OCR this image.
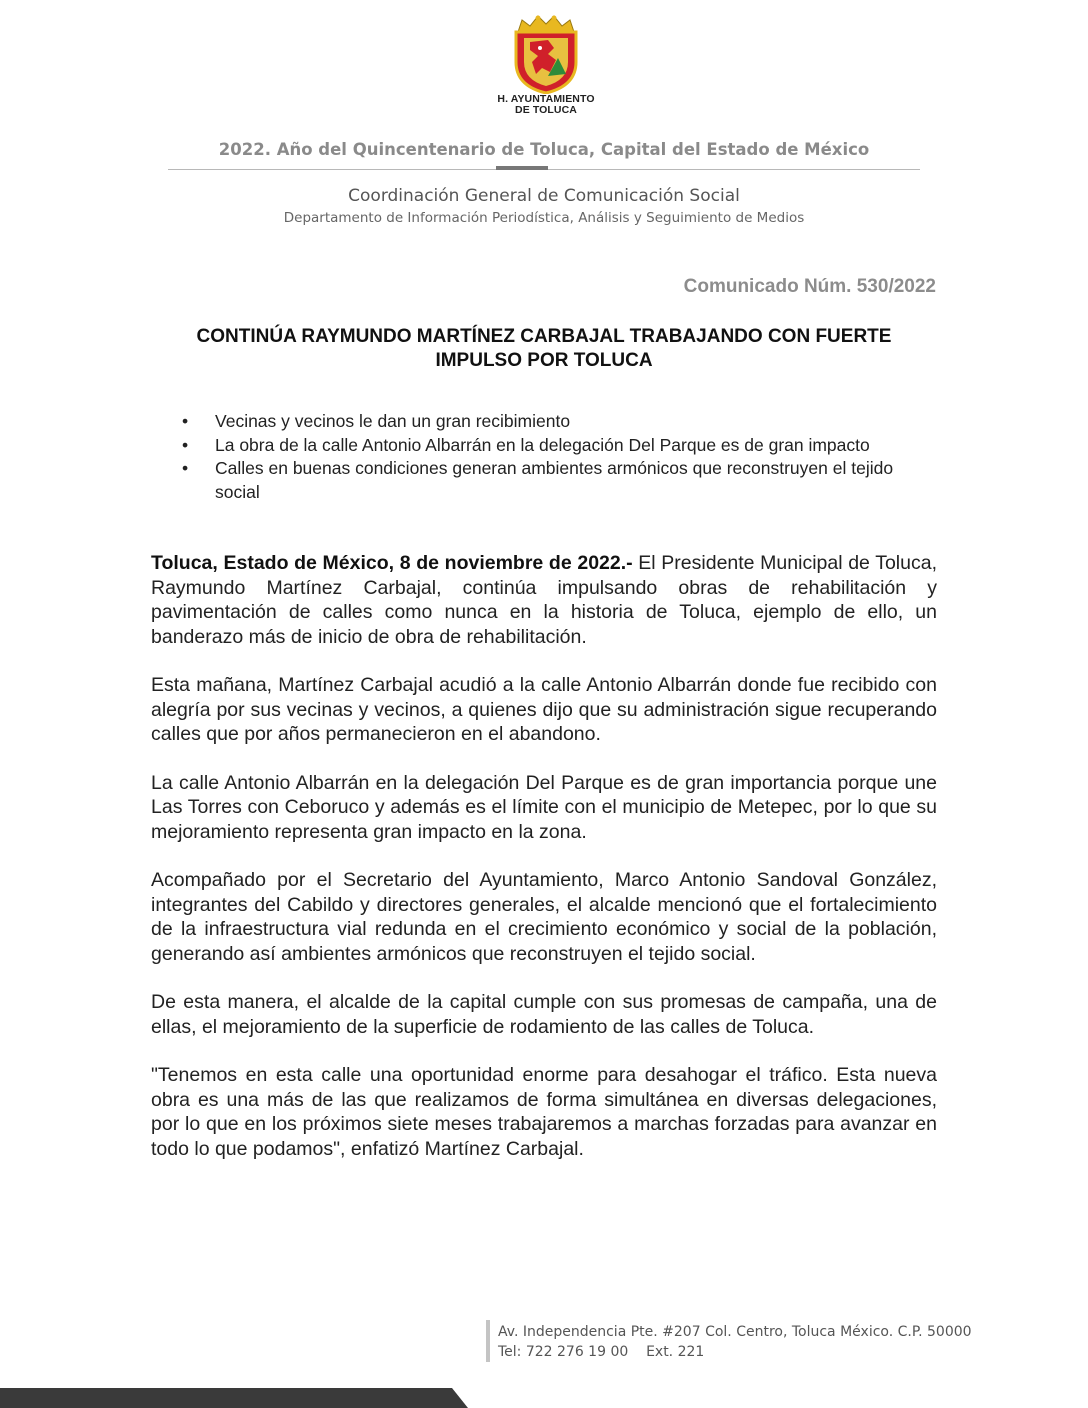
H. AYUNTAMIENTO
DE TOLUCA
2022. Año del Quincentenario de Toluca, Capital del Estado de México
Coordinación General de Comunicación Social
Departamento de Información Periodística, Análisis y Seguimiento de Medios
Comunicado Núm. 530/2022
CONTINÚA RAYMUNDO MARTÍNEZ CARBAJAL TRABAJANDO CON FUERTE
IMPULSO POR TOLUCA
• Vecinas y vecinos le dan un gran recibimiento
• La obra de la calle Antonio Albarrán en la delegación Del Parque es de gran impacto
• Calles en buenas condiciones generan ambientes armónicos que reconstruyen el tejido social

Toluca, Estado de México, 8 de noviembre de 2022.- El Presidente Municipal de Toluca, Raymundo Martínez Carbajal, continúa impulsando obras de rehabilitación y pavimentación de calles como nunca en la historia de Toluca, ejemplo de ello, un banderazo más de inicio de obra de rehabilitación.

Esta mañana, Martínez Carbajal acudió a la calle Antonio Albarrán donde fue recibido con alegría por sus vecinas y vecinos, a quienes dijo que su administración sigue recuperando calles que por años permanecieron en el abandono.

La calle Antonio Albarrán en la delegación Del Parque es de gran importancia porque une Las Torres con Ceboruco y además es el límite con el municipio de Metepec, por lo que su mejoramiento representa gran impacto en la zona.

Acompañado por el Secretario del Ayuntamiento, Marco Antonio Sandoval González, integrantes del Cabildo y directores generales, el alcalde mencionó que el fortalecimiento de la infraestructura vial redunda en el crecimiento económico y social de la población, generando así ambientes armónicos que reconstruyen el tejido social.

De esta manera, el alcalde de la capital cumple con sus promesas de campaña, una de ellas, el mejoramiento de la superficie de rodamiento de las calles de Toluca.

"Tenemos en esta calle una oportunidad enorme para desahogar el tráfico. Esta nueva obra es una más de las que realizamos de forma simultánea en diversas delegaciones, por lo que en los próximos siete meses trabajaremos a marchas forzadas para avanzar en todo lo que podamos", enfatizó Martínez Carbajal.

Av. Independencia Pte. #207 Col. Centro, Toluca México. C.P. 50000
Tel: 722 276 19 00    Ext. 221
